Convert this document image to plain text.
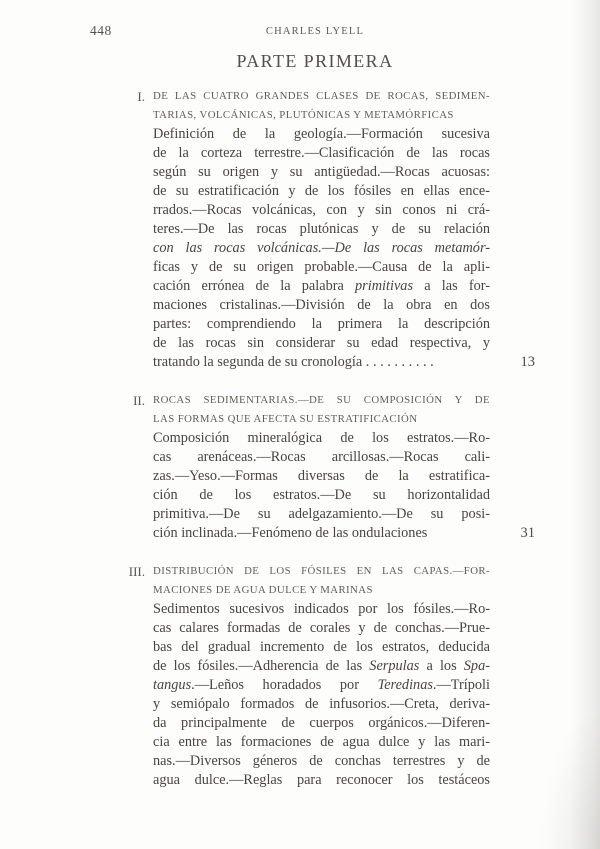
448	CHARLES LYELL
PARTE PRIMERA
I. DE LAS CUATRO GRANDES CLASES DE ROCAS, SEDIMEN-
TARIAS, VOLCÁNICAS, PLUTÓNICAS Y METAMÓRFICAS
Definición de la geología.—Formación sucesiva
de la corteza terrestre.—Clasificación de las rocas
según su origen y su antigüedad.—Rocas acuosas:
de su estratificación y de los fósiles en ellas ence-
rrados.—Rocas volcánicas, con y sin conos ni crá-
teres.—De las rocas plutónicas y de su relación
con las rocas volcánicas.—De las rocas metamór-
ficas y de su origen probable.—Causa de la apli-
cación errónea de la palabra primitivas a las for-
maciones cristalinas.—División de la obra en dos
partes: comprendiendo la primera la descripción
de las rocas sin considerar su edad respectiva, y
tratando la segunda de su cronología . . . . . . . . . .	13
II. ROCAS SEDIMENTARIAS.—DE SU COMPOSICIÓN Y DE
LAS FORMAS QUE AFECTA SU ESTRATIFICACIÓN
Composición mineralógica de los estratos.—Ro-
cas arenáceas.—Rocas arcillosas.—Rocas cali-
zas.—Yeso.—Formas diversas de la estratifica-
ción de los estratos.—De su horizontalidad
primitiva.—De su adelgazamiento.—De su posi-
ción inclinada.—Fenómeno de las ondulaciones	31
III. DISTRIBUCIÓN DE LOS FÓSILES EN LAS CAPAS.—FOR-
MACIONES DE AGUA DULCE Y MARINAS
Sedimentos sucesivos indicados por los fósiles.—Ro-
cas calares formadas de corales y de conchas.—Prue-
bas del gradual incremento de los estratos, deducida
de los fósiles.—Adherencia de las Serpulas a los Spa-
tangus.—Leños horadados por Teredinas.—Trípoli
y semiópalo formados de infusorios.—Creta, deriva-
da principalmente de cuerpos orgánicos.—Diferen-
cia entre las formaciones de agua dulce y las mari-
nas.—Diversos géneros de conchas terrestres y de
agua dulce.—Reglas para reconocer los testáceos
